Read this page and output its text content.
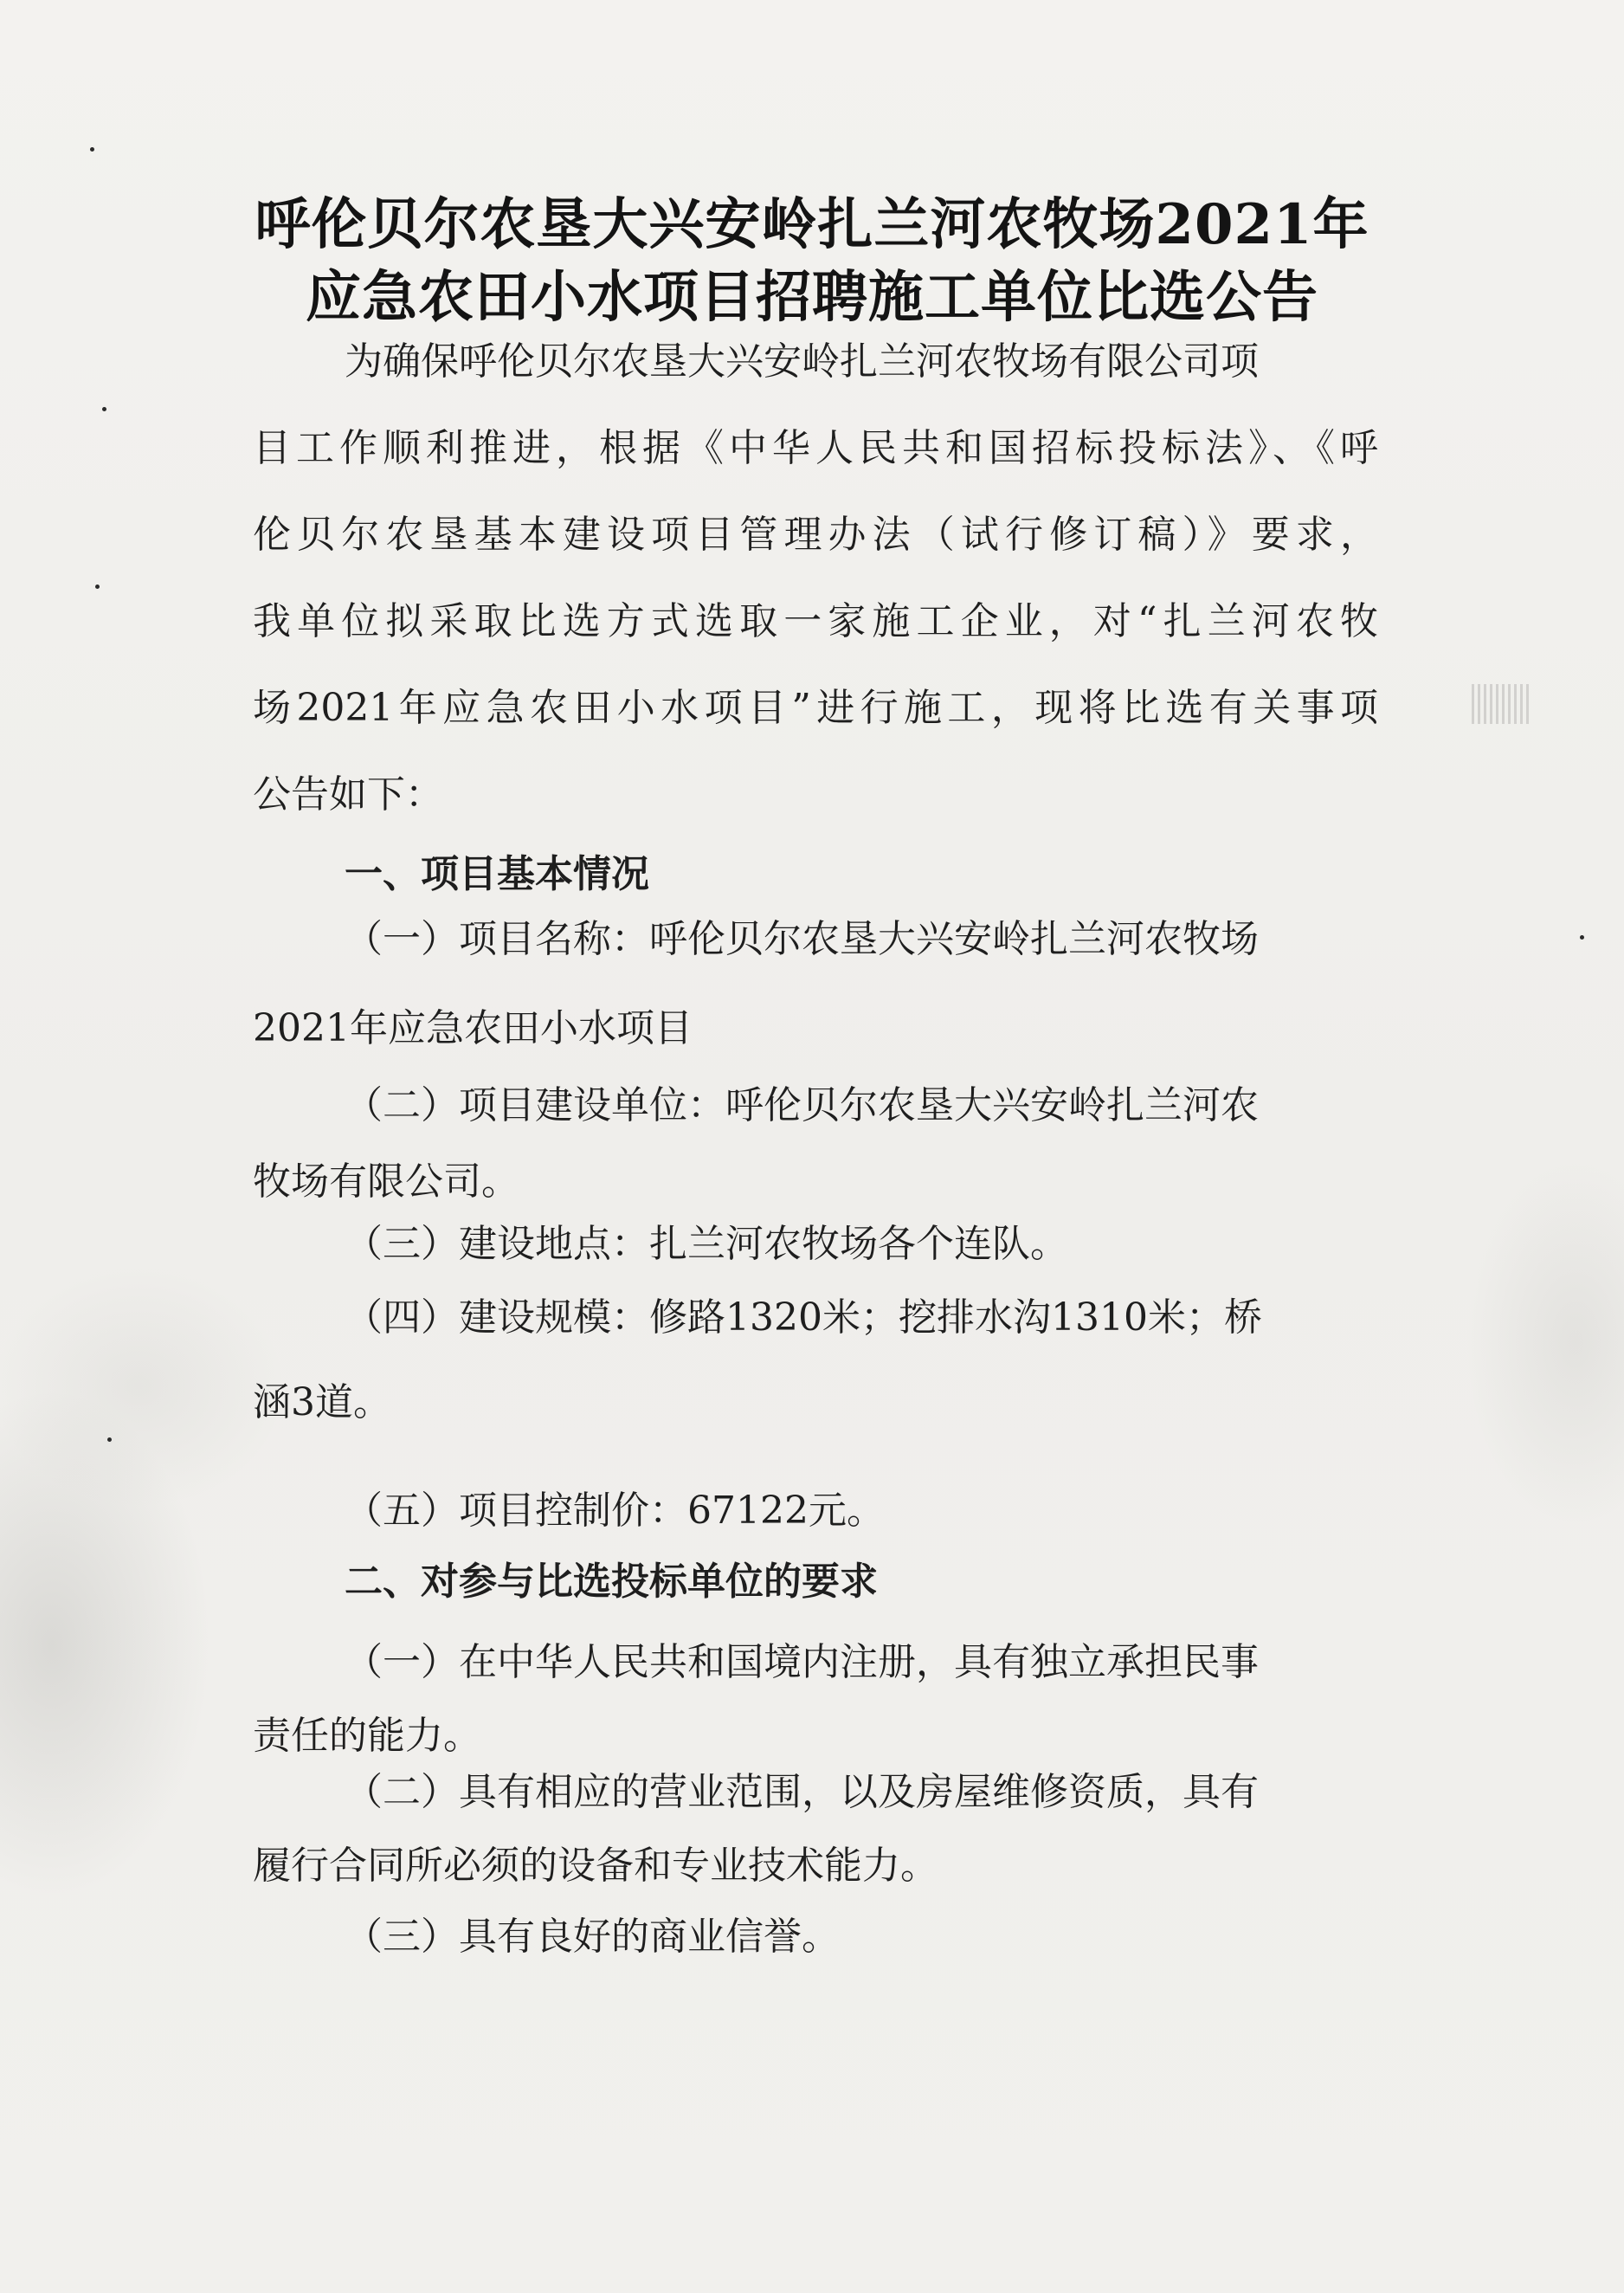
呼伦贝尔农垦大兴安岭扎兰河农牧场2021年
应急农田小水项目招聘施工单位比选公告
为确保呼伦贝尔农垦大兴安岭扎兰河农牧场有限公司项
目工作顺利推进，根据《中华人民共和国招标投标法》、《呼
伦贝尔农垦基本建设项目管理办法（试行修订稿）》要求，
我单位拟采取比选方式选取一家施工企业，对“扎兰河农牧
场2021年应急农田小水项目”进行施工，现将比选有关事项
公告如下：
一、项目基本情况
（一）项目名称：呼伦贝尔农垦大兴安岭扎兰河农牧场
2021年应急农田小水项目
（二）项目建设单位：呼伦贝尔农垦大兴安岭扎兰河农
牧场有限公司。
（三）建设地点：扎兰河农牧场各个连队。
（四）建设规模：修路1320米；挖排水沟1310米；桥
涵3道。
（五）项目控制价：67122元。
二、对参与比选投标单位的要求
（一）在中华人民共和国境内注册，具有独立承担民事
责任的能力。
（二）具有相应的营业范围，以及房屋维修资质，具有
履行合同所必须的设备和专业技术能力。
（三）具有良好的商业信誉。
